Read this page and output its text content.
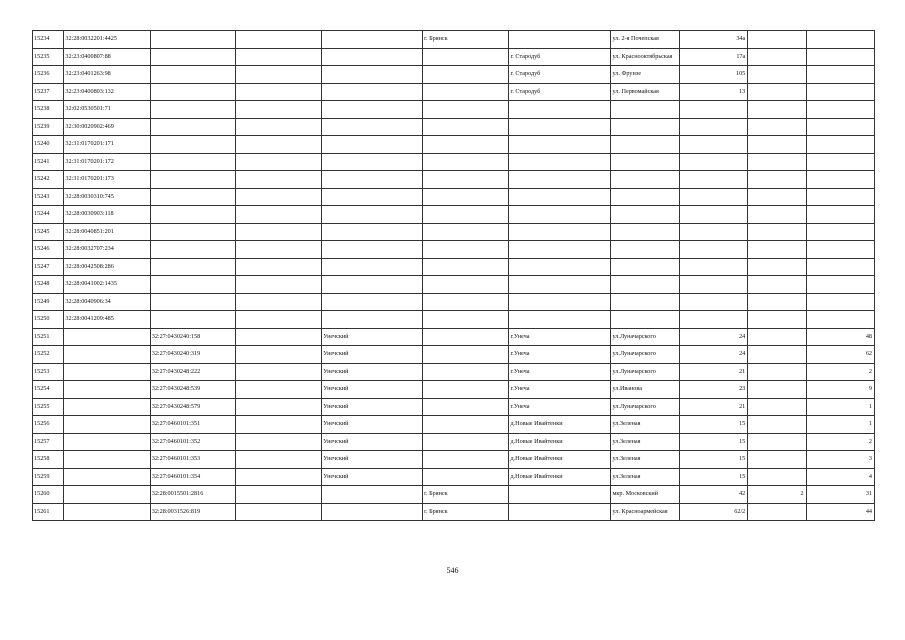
15234	32:28:0032201:4425				г. Брянск		ул. 2-я Почепская	34а		
15235	32:23:0400807:88					г. Стародуб	ул. Краснооктябрьская	17а		
15236	32:23:0401263:98					г. Стародуб	ул. Фрунзе	105		
15237	32:23:0400803:132					г. Стародуб	ул. Первомайская	13		
15238	32:02:0530501:71									
15239	32:30:0020902:469									
15240	32:31:0170201:171									
15241	32:31:0170201:172									
15242	32:31:0170201:173									
15243	32:28:0030310:745									
15244	32:28:0030903:118									
15245	32:28:0040851:201									
15246	32:28:0032707:234									
15247	32:28:0042508:286									
15248	32:28:0041002:1435									
15249	32:28:0040906:34									
15250	32:28:0041209:485									
15251		32:27:0430240:158		Унечский		г.Унеча	ул.Луначарского	24		48
15252		32:27:0430240:319		Унечский		г.Унеча	ул.Луначарского	24		62
15253		32:27:0430248:222		Унечский		г.Унеча	ул.Луначарского	21		2
15254		32:27:0430248:539		Унечский		г.Унеча	ул.Иванова	23		9
15255		32:27:0430248:579		Унечский		г.Унеча	ул.Луначарского	21		1
15256		32:27:0460101:351		Унечский		д.Новые Ивайтенки	ул.Зеленая	15		1
15257		32:27:0460101:352		Унечский		д.Новые Ивайтенки	ул.Зеленая	15		2
15258		32:27:0460101:353		Унечский		д.Новые Ивайтенки	ул.Зеленая	15		3
15259		32:27:0460101:354		Унечский		д.Новые Ивайтенки	ул.Зеленая	15		4
15260		32:28:0015501:2816			г. Брянск		мкр. Московский	42	2	31
15261		32:28:0031526:819			г. Брянск		ул. Красноармейская	62/2		44
546
